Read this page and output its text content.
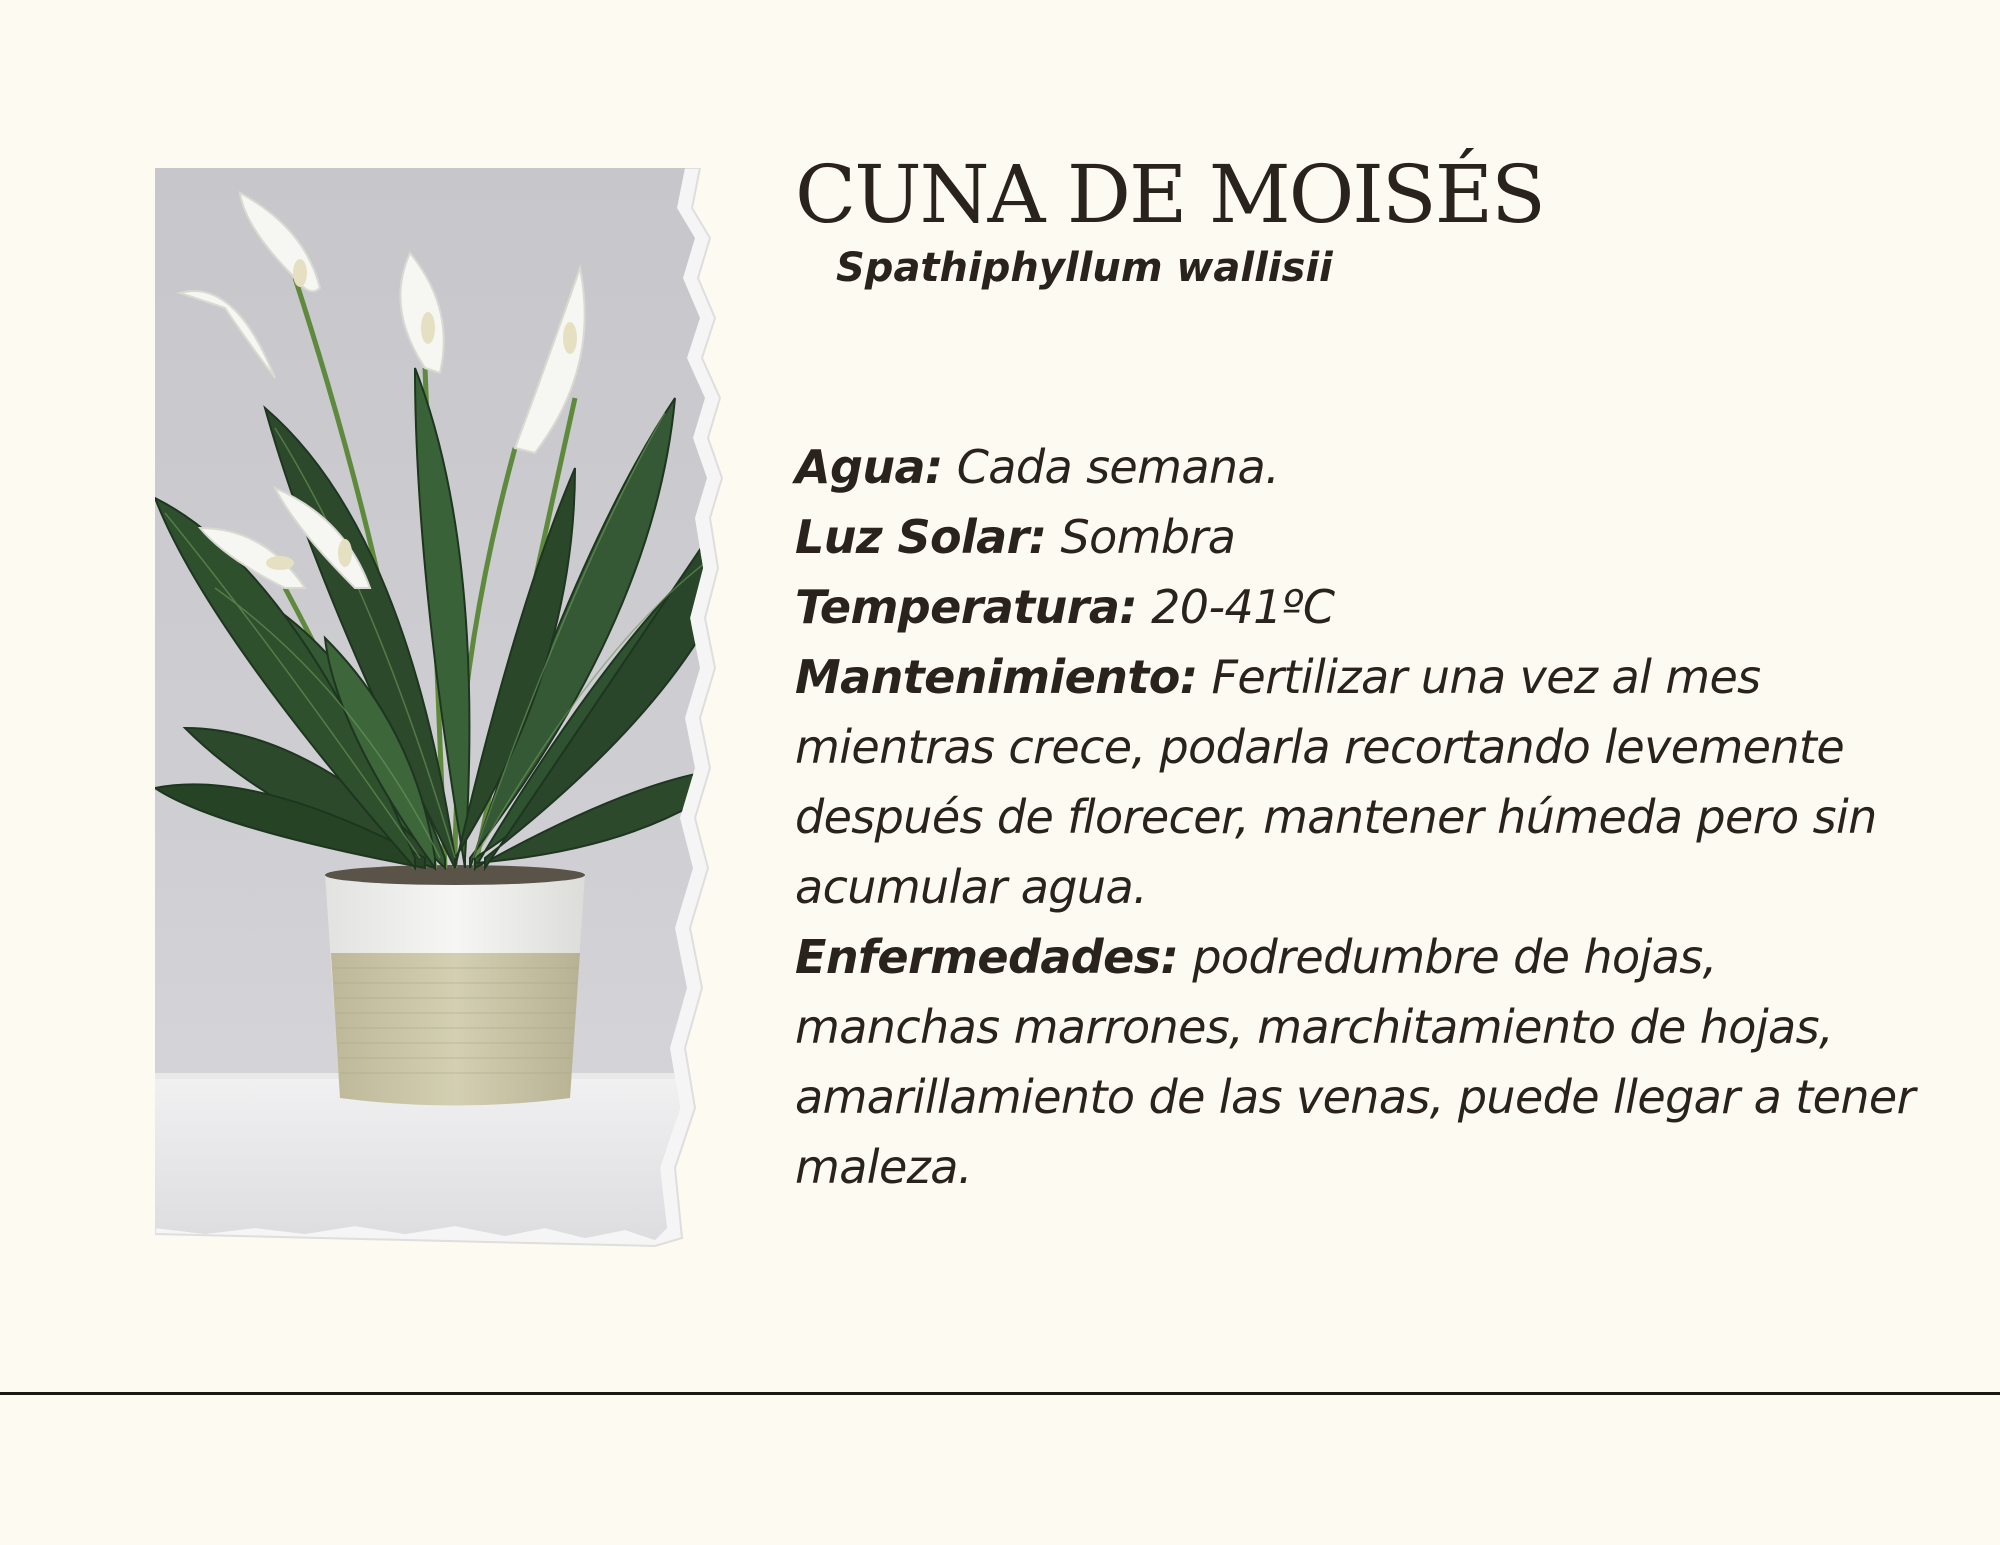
CUNA DE MOISÉS
Spathiphyllum wallisii

Agua: Cada semana.

Luz Solar: Sombra

Temperatura: 20-41ºC

Mantenimiento: Fertilizar una vez al mes mientras crece, podarla recortando levemente después de florecer, mantener húmeda pero sin acumular agua.

Enfermedades: podredumbre de hojas, manchas marrones, marchitamiento de hojas, amarillamiento de las venas, puede llegar a tener maleza.
